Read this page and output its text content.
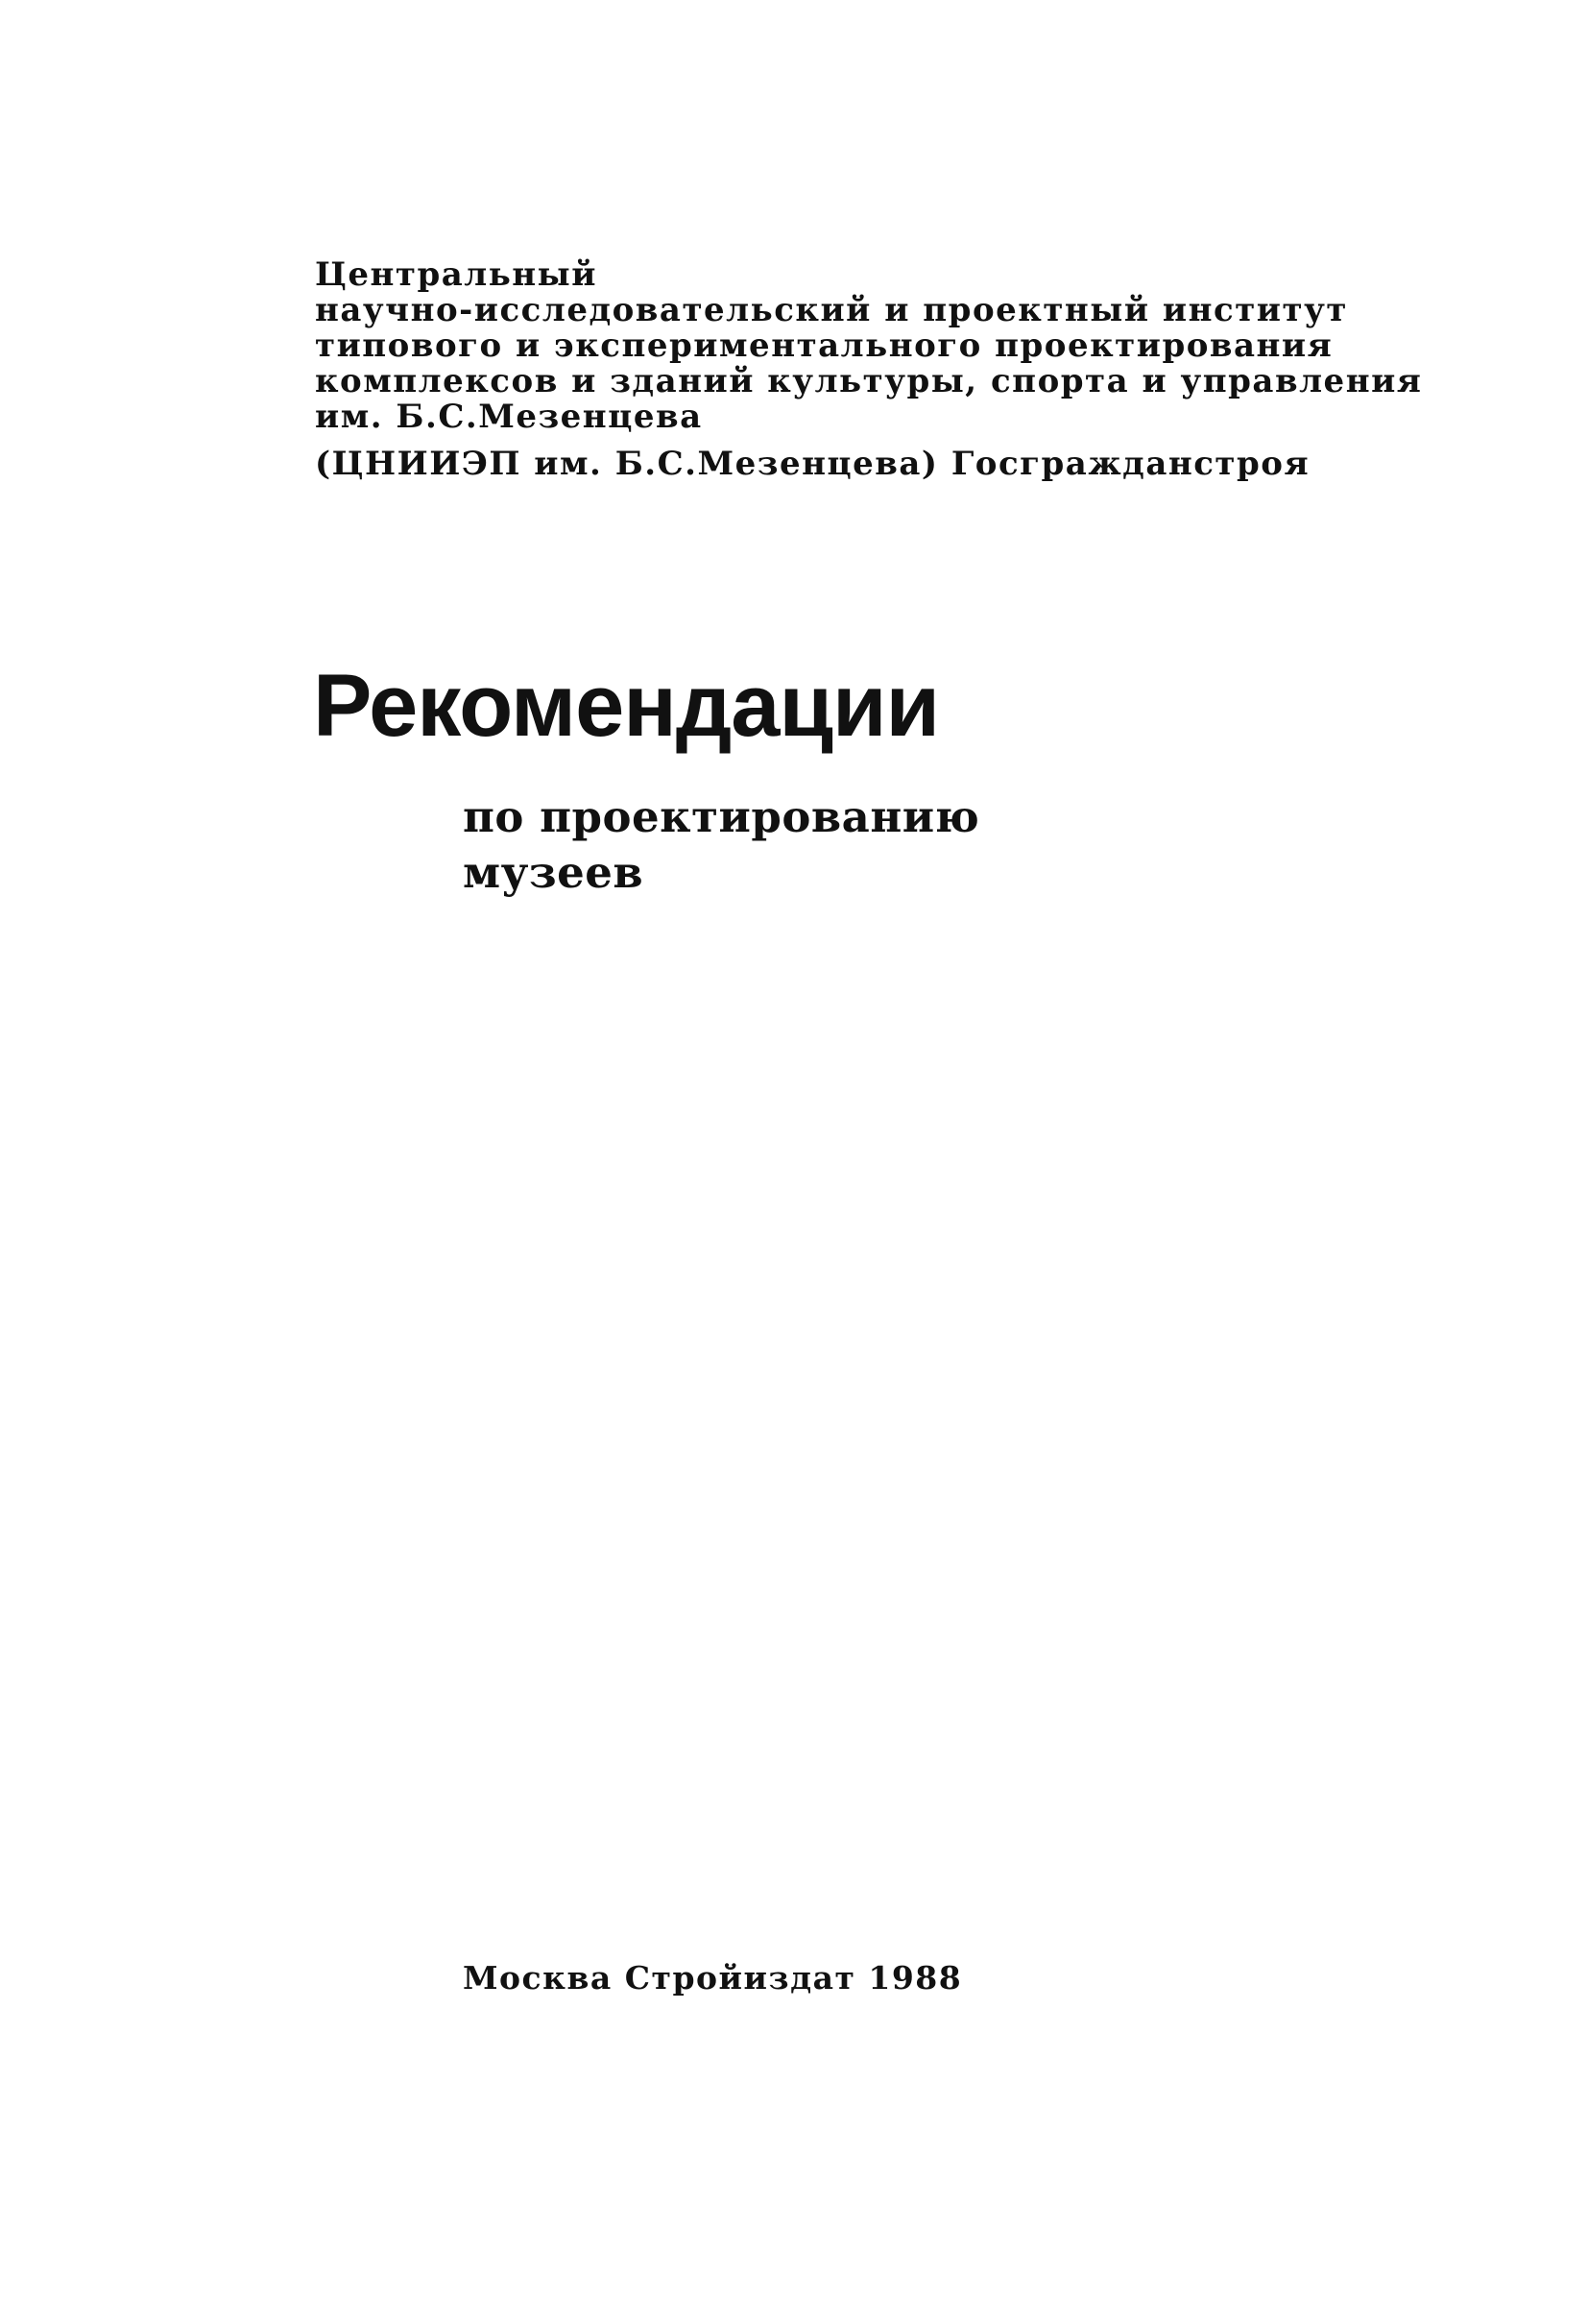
Центральный
научно-исследовательский и проектный институт
типового и экспериментального проектирования
комплексов и зданий культуры, спорта и управления
им. Б.С.Мезенцева
(ЦНИИЭП им. Б.С.Мезенцева) Госгражданстроя
Рекомендации
по проектированию
музеев
Москва Стройиздат 1988
